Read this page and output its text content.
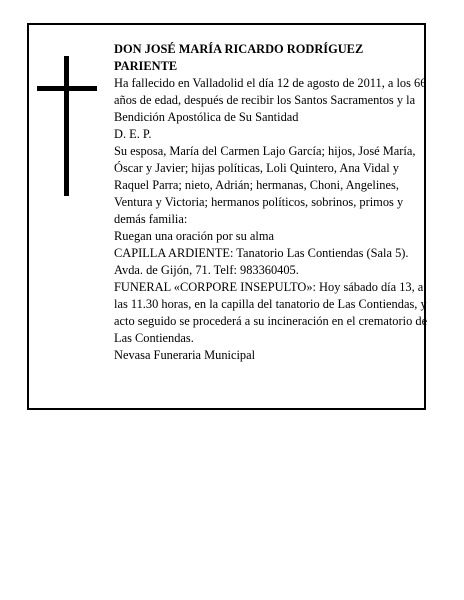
DON JOSÉ MARÍA RICARDO RODRÍGUEZ PARIENTE

Ha fallecido en Valladolid el día 12 de agosto de 2011, a los 66 años de edad, después de recibir los Santos Sacramentos y la Bendición Apostólica de Su Santidad

D. E. P.

Su esposa, María del Carmen Lajo García; hijos, José María, Óscar y Javier; hijas políticas, Loli Quintero, Ana Vidal y Raquel Parra; nieto, Adrián; hermanas, Choni, Angelines, Ventura y Victoria; hermanos políticos, sobrinos, primos y demás familia:

Ruegan una oración por su alma

CAPILLA ARDIENTE: Tanatorio Las Contiendas (Sala 5). Avda. de Gijón, 71. Telf: 983360405.

FUNERAL «CORPORE INSEPULTO»: Hoy sábado día 13, a las 11.30 horas, en la capilla del tanatorio de Las Contiendas, y acto seguido se procederá a su incineración en el crematorio de Las Contiendas.

Nevasa Funeraria Municipal
